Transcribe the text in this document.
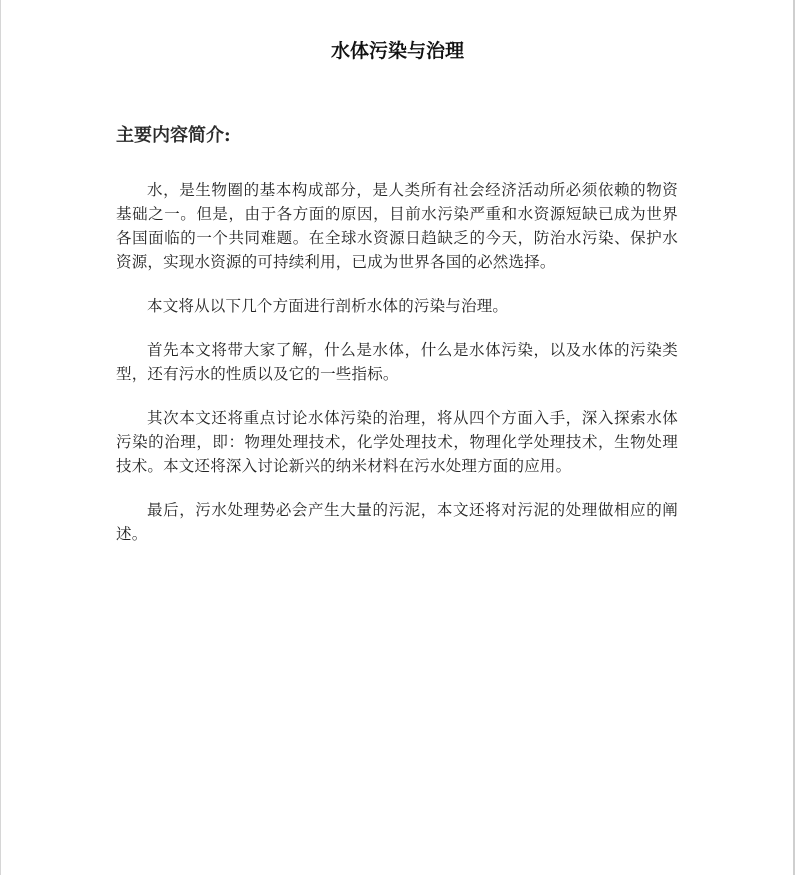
水体污染与治理
主要内容简介:

水，是生物圈的基本构成部分，是人类所有社会经济活动所必须依赖的物资基础之一。但是，由于各方面的原因，目前水污染严重和水资源短缺已成为世界各国面临的一个共同难题。在全球水资源日趋缺乏的今天，防治水污染、保护水资源，实现水资源的可持续利用，已成为世界各国的必然选择。

本文将从以下几个方面进行剖析水体的污染与治理。

首先本文将带大家了解，什么是水体，什么是水体污染，以及水体的污染类型，还有污水的性质以及它的一些指标。

其次本文还将重点讨论水体污染的治理，将从四个方面入手，深入探索水体污染的治理，即：物理处理技术，化学处理技术，物理化学处理技术，生物处理技术。本文还将深入讨论新兴的纳米材料在污水处理方面的应用。

最后，污水处理势必会产生大量的污泥，本文还将对污泥的处理做相应的阐述。
